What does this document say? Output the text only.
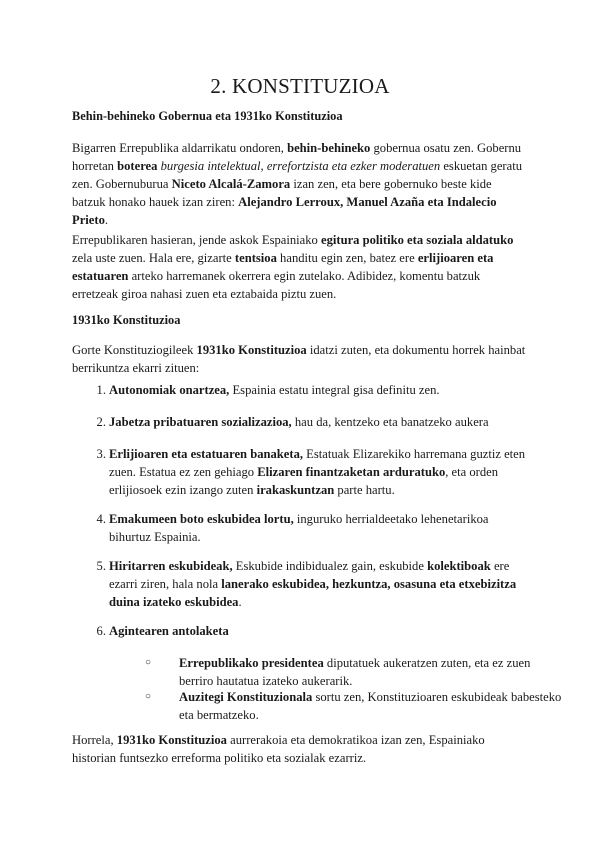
2. KONSTITUZIOA
Behin-behineko Gobernua eta 1931ko Konstituzioa

Bigarren Errepublika aldarrikatu ondoren, behin-behineko gobernua osatu zen. Gobernu horretan boterea burgesia intelektual, errefortzista eta ezker moderatuen eskuetan geratu zen. Gobernuburua Niceto Alcalá-Zamora izan zen, eta bere gobernuko beste kide batzuk honako hauek izan ziren: Alejandro Lerroux, Manuel Azaña eta Indalecio Prieto.

Errepublikaren hasieran, jende askok Espainiako egitura politiko eta soziala aldatuko zela uste zuen. Hala ere, gizarte tentsioa handitu egin zen, batez ere erlijioaren eta estatuaren arteko harremanek okerrera egin zutelako. Adibidez, komentu batzuk erretzeak giroa nahasi zuen eta eztabaida piztu zuen.

1931ko Konstituzioa

Gorte Konstituziogileek 1931ko Konstituzioa idatzi zuten, eta dokumentu horrek hainbat berrikuntza ekarri zituen:

1. Autonomiak onartzea, Espainia estatu integral gisa definitu zen.
2. Jabetza pribatuaren sozializazioa, hau da, kentzeko eta banatzeko aukera
3. Erlijioaren eta estatuaren banaketa, Estatuak Elizarekiko harremana guztiz eten zuen. Estatua ez zen gehiago Elizaren finantzaketan arduratuko, eta orden erlijiosoek ezin izango zuten irakaskuntzan parte hartu.
4. Emakumeen boto eskubidea lortu, inguruko herrialdeetako lehenetarikoa bihurtuz Espainia.
5. Hiritarren eskubideak, Eskubide indibidualez gain, eskubide kolektiboak ere ezarri ziren, hala nola lanerako eskubidea, hezkuntza, osasuna eta etxebizitza duina izateko eskubidea.
6. Agintearen antolaketa
○ Errepublikako presidentea diputatuek aukeratzen zuten, eta ez zuen berriro hautatua izateko aukerarik.
○ Auzitegi Konstituzionala sortu zen, Konstituzioaren eskubideak babesteko eta bermatzeko.

Horrela, 1931ko Konstituzioa aurrerakoia eta demokratikoa izan zen, Espainiako historian funtsezko erreforma politiko eta sozialak ezarriz.
